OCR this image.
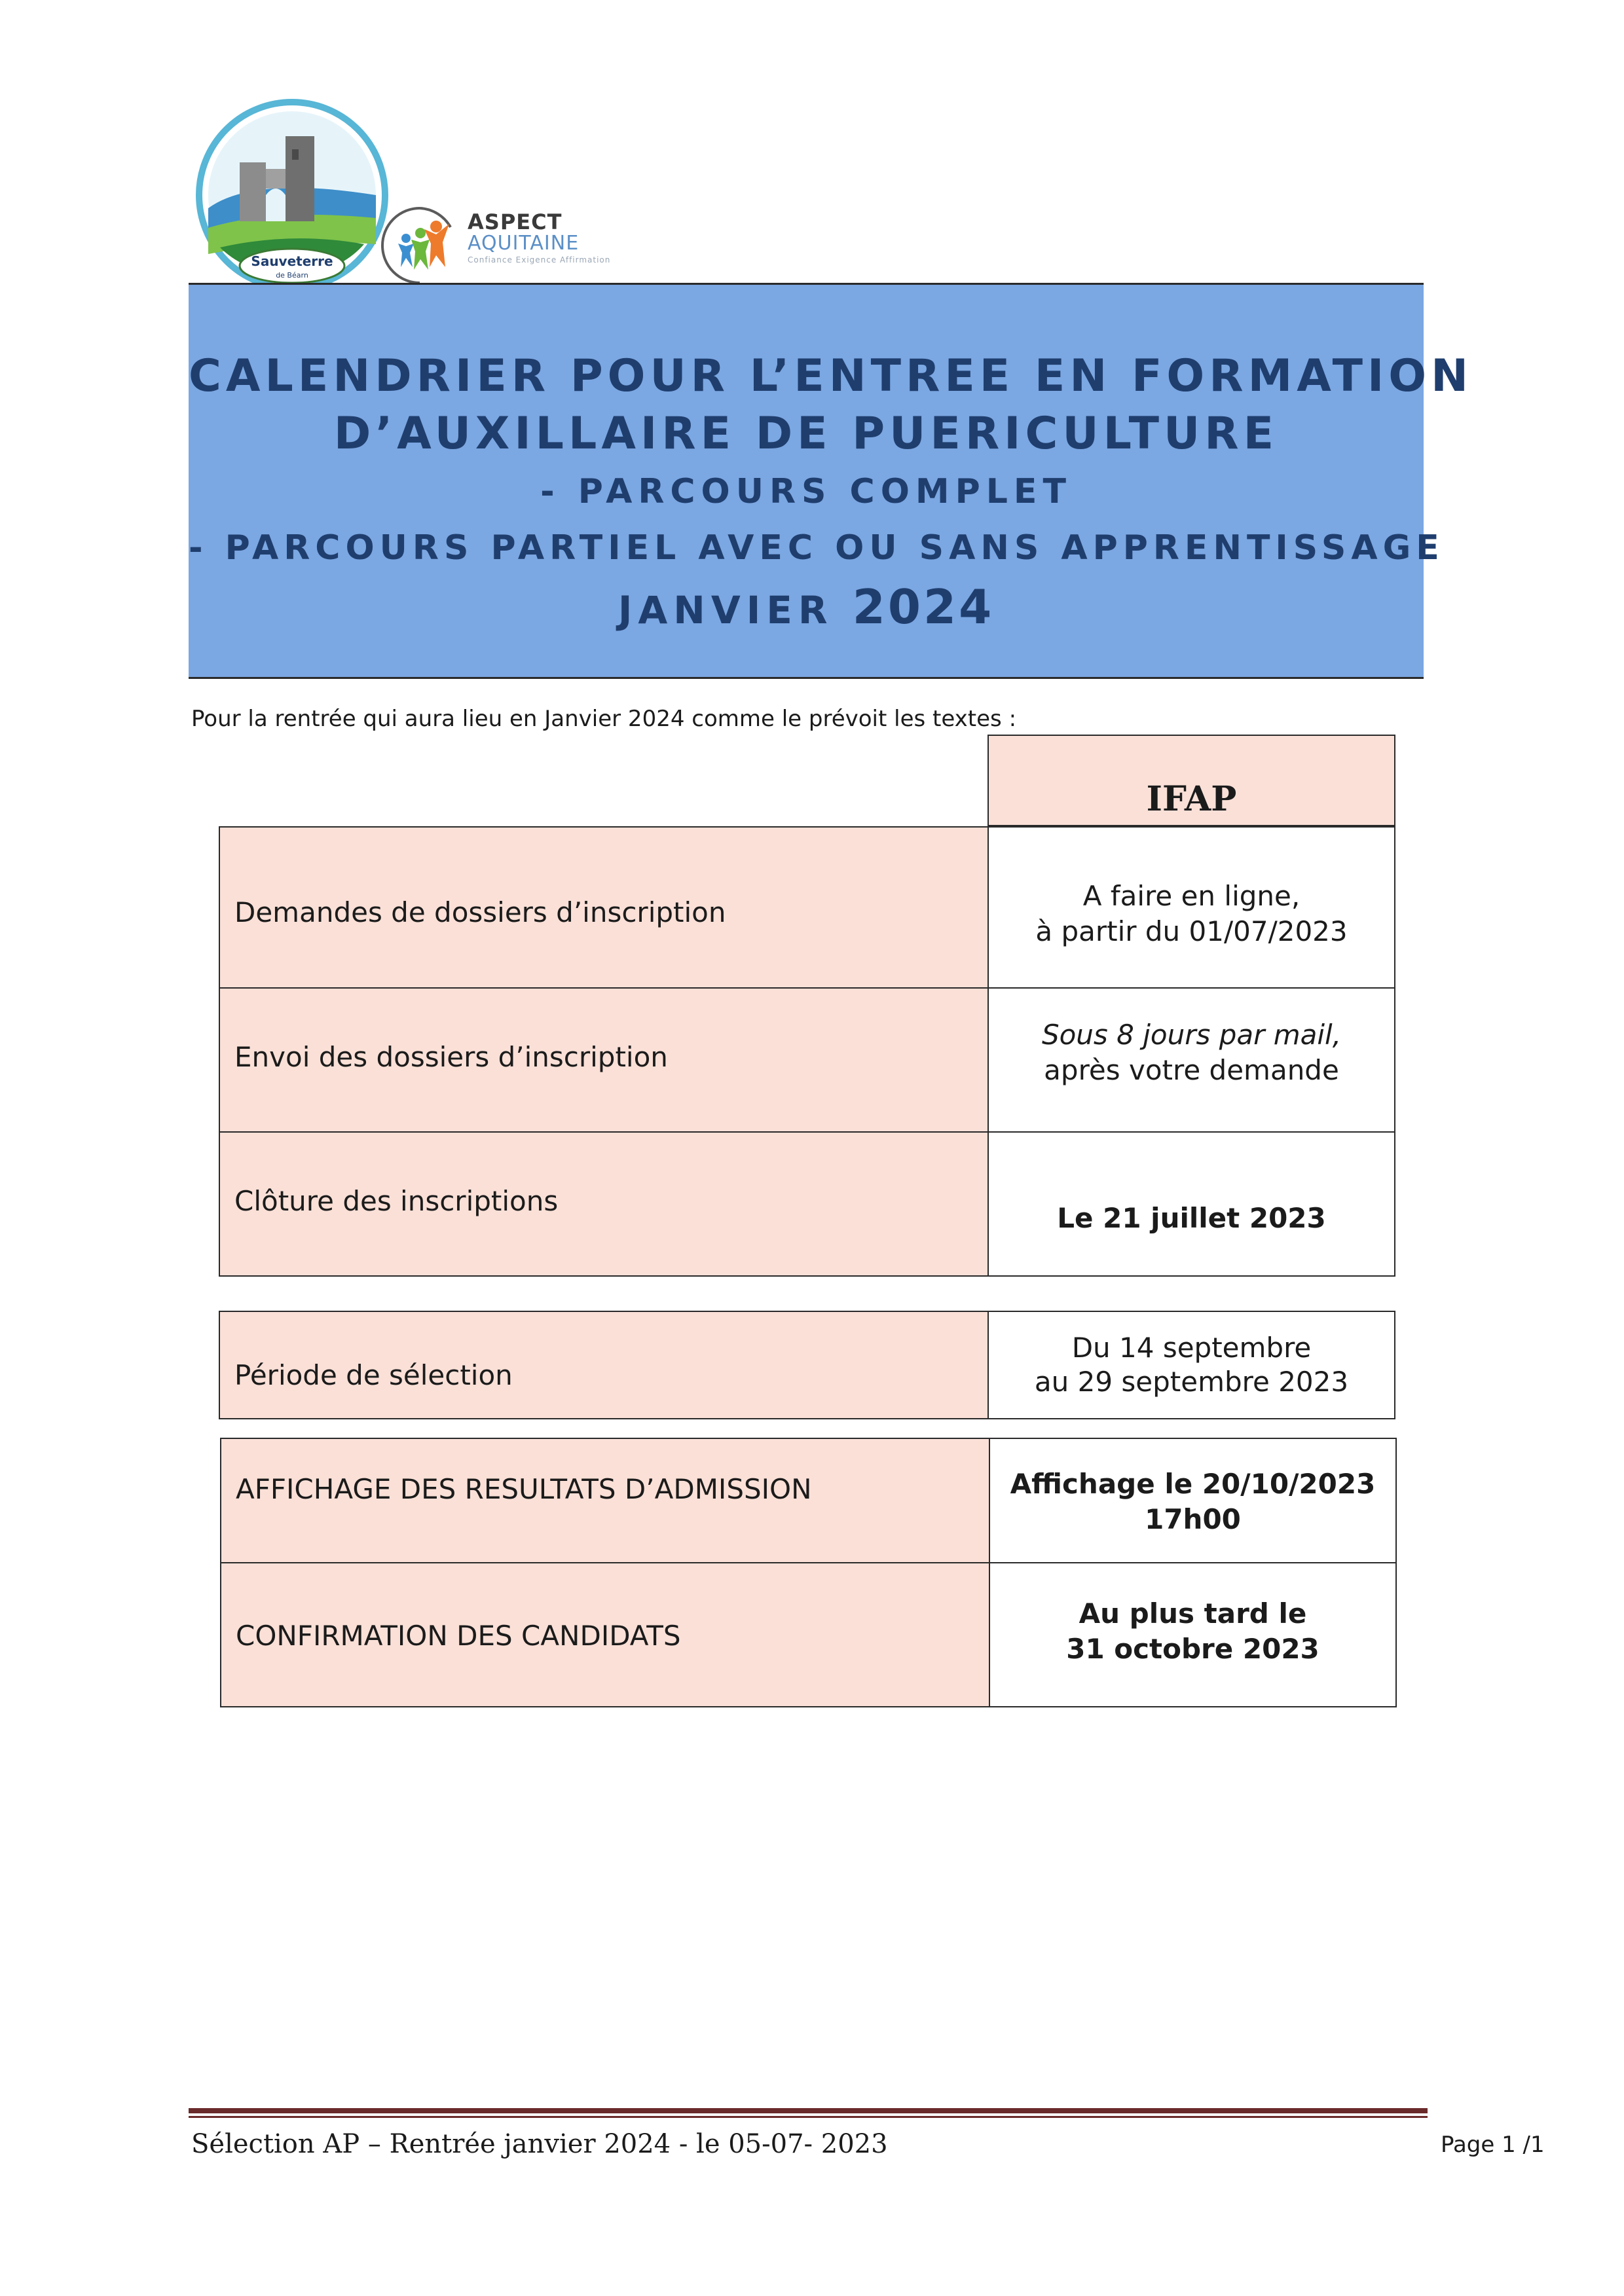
Sauveterre
de Béarn
ASPECT
AQUITAINE
Confiance Exigence Affirmation
CALENDRIER POUR L’ENTREE EN FORMATION
D’AUXILLAIRE DE PUERICULTURE
- PARCOURS COMPLET
- PARCOURS PARTIEL AVEC OU SANS APPRENTISSAGE
JANVIER 2024
Pour la rentrée qui aura lieu en Janvier 2024 comme le prévoit les textes :
IFAP
Demandes de dossiers d’inscription
A faire en ligne,
à partir du 01/07/2023
Envoi des dossiers d’inscription
Sous 8 jours par mail,
après votre demande
Clôture des inscriptions
Le 21 juillet 2023
Période de sélection
Du 14 septembre
au 29 septembre 2023
AFFICHAGE DES RESULTATS D’ADMISSION	Affichage le 20/10/2023
17h00
CONFIRMATION DES CANDIDATS
Au plus tard le
31 octobre 2023
Sélection AP – Rentrée janvier 2024 - le 05-07- 2023	Page 1 /1
